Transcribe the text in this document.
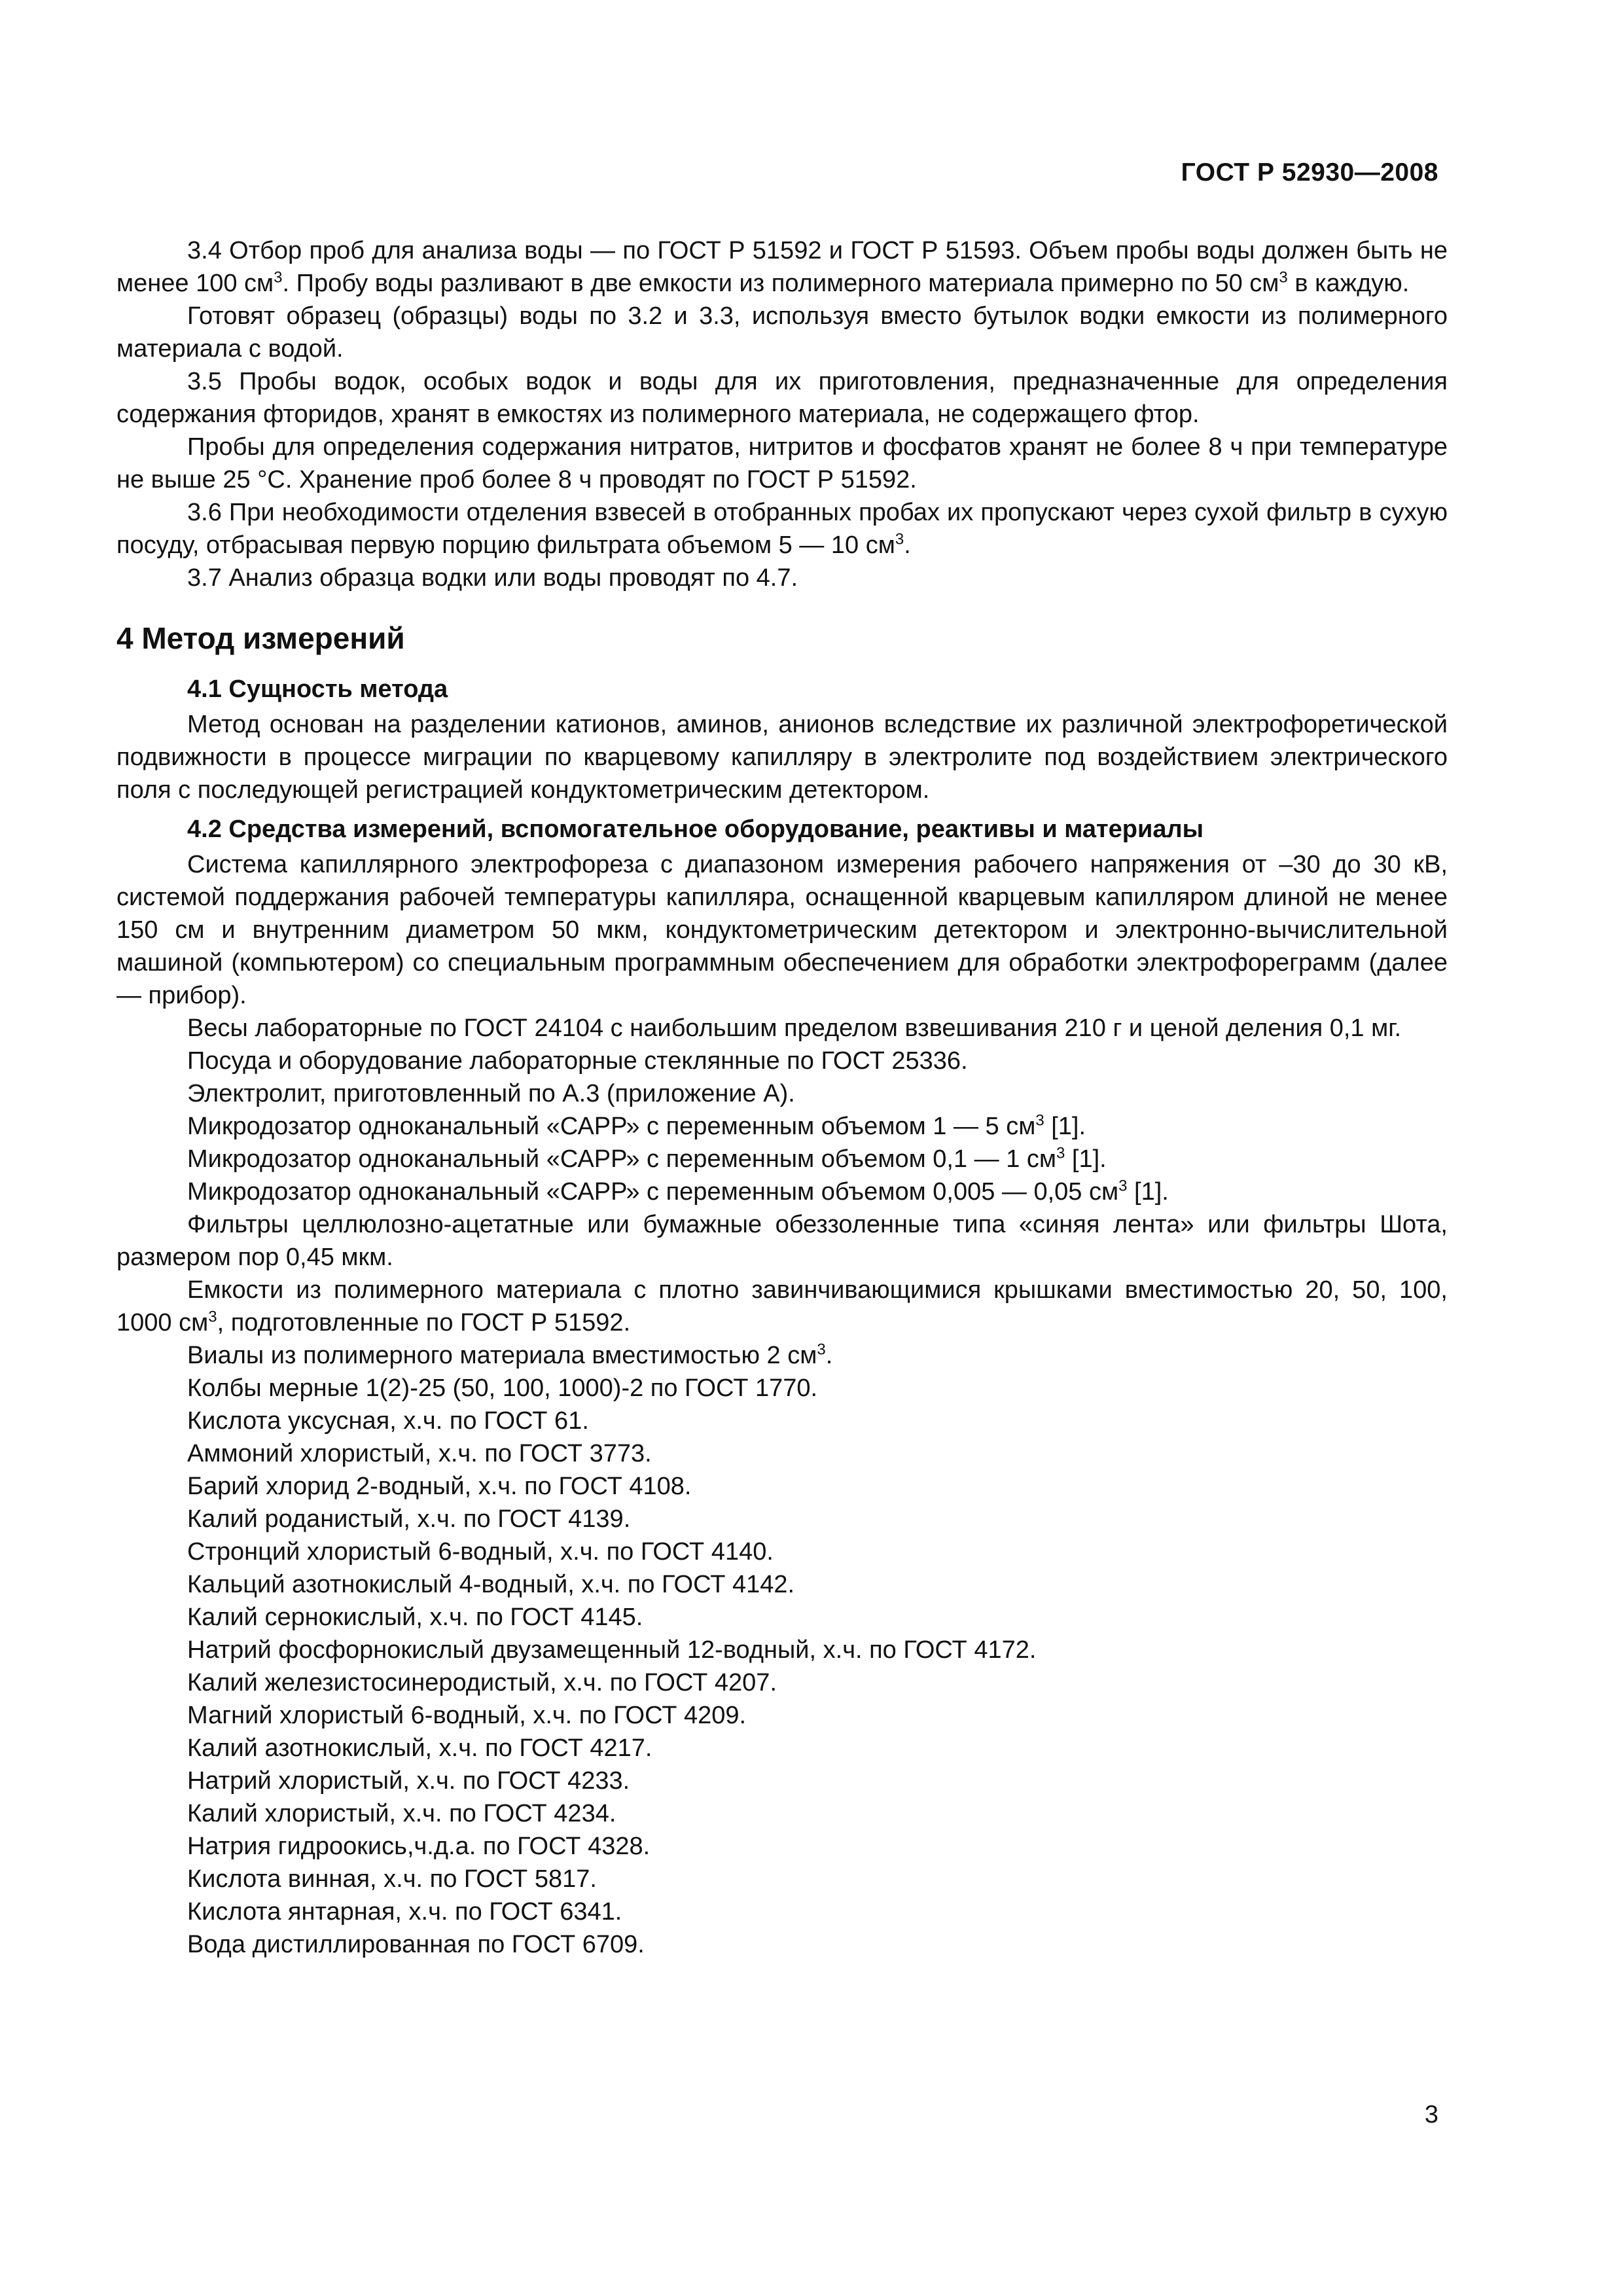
ГОСТ Р 52930—2008

3.4 Отбор проб для анализа воды — по ГОСТ Р 51592 и ГОСТ Р 51593. Объем пробы воды должен быть не менее 100 $см^3$. Пробу воды разливают в две емкости из полимерного материала примерно по 50 $см^3$ в каждую.

Готовят образец (образцы) воды по 3.2 и 3.3, используя вместо бутылок водки емкости из полимерного материала с водой.

3.5 Пробы водок, особых водок и воды для их приготовления, предназначенные для определения содержания фторидов, хранят в емкостях из полимерного материала, не содержащего фтор.

Пробы для определения содержания нитратов, нитритов и фосфатов хранят не более 8 ч при температуре не выше 25 °С. Хранение проб более 8 ч проводят по ГОСТ Р 51592.

3.6 При необходимости отделения взвесей в отобранных пробах их пропускают через сухой фильтр в сухую посуду, отбрасывая первую порцию фильтрата объемом 5 — 10 $см^3$.

3.7 Анализ образца водки или воды проводят по 4.7.

4 Метод измерений
4.1 Сущность метода

Метод основан на разделении катионов, аминов, анионов вследствие их различной электрофоретической подвижности в процессе миграции по кварцевому капилляру в электролите под воздействием электрического поля с последующей регистрацией кондуктометрическим детектором.

4.2 Средства измерений, вспомогательное оборудование, реактивы и материалы

Система капиллярного электрофореза с диапазоном измерения рабочего напряжения от –30 до 30 кВ, системой поддержания рабочей температуры капилляра, оснащенной кварцевым капилляром длиной не менее 150 см и внутренним диаметром 50 мкм, кондуктометрическим детектором и электронно-вычислительной машиной (компьютером) со специальным программным обеспечением для обработки электрофореграмм (далее — прибор).

Весы лабораторные по ГОСТ 24104 с наибольшим пределом взвешивания 210 г и ценой деления 0,1 мг.

Посуда и оборудование лабораторные стеклянные по ГОСТ 25336.

Электролит, приготовленный по А.3 (приложение А).

Микродозатор одноканальный «САРР» с переменным объемом 1 — 5 $см^3$ [1].

Микродозатор одноканальный «САРР» с переменным объемом 0,1 — 1 $см^3$ [1].

Микродозатор одноканальный «САРР» с переменным объемом 0,005 — 0,05 $см^3$ [1].

Фильтры целлюлозно-ацетатные или бумажные обеззоленные типа «синяя лента» или фильтры Шота, размером пор 0,45 мкм.

Емкости из полимерного материала с плотно завинчивающимися крышками вместимостью 20, 50, 100, 1000 $см^3$, подготовленные по ГОСТ Р 51592.

Виалы из полимерного материала вместимостью 2 $см^3$.

Колбы мерные 1(2)-25 (50, 100, 1000)-2 по ГОСТ 1770.

Кислота уксусная, х.ч. по ГОСТ 61.

Аммоний хлористый, х.ч. по ГОСТ 3773.

Барий хлорид 2-водный, х.ч. по ГОСТ 4108.

Калий роданистый, х.ч. по ГОСТ 4139.

Стронций хлористый 6-водный, х.ч. по ГОСТ 4140.

Кальций азотнокислый 4-водный, х.ч. по ГОСТ 4142.

Калий сернокислый, х.ч. по ГОСТ 4145.

Натрий фосфорнокислый двузамещенный 12-водный, х.ч. по ГОСТ 4172.

Калий железистосинеродистый, х.ч. по ГОСТ 4207.

Магний хлористый 6-водный, х.ч. по ГОСТ 4209.

Калий азотнокислый, х.ч. по ГОСТ 4217.

Натрий хлористый, х.ч. по ГОСТ 4233.

Калий хлористый, х.ч. по ГОСТ 4234.

Натрия гидроокись,ч.д.а. по ГОСТ 4328.

Кислота винная, х.ч. по ГОСТ 5817.

Кислота янтарная, х.ч. по ГОСТ 6341.

Вода дистиллированная по ГОСТ 6709.

3
